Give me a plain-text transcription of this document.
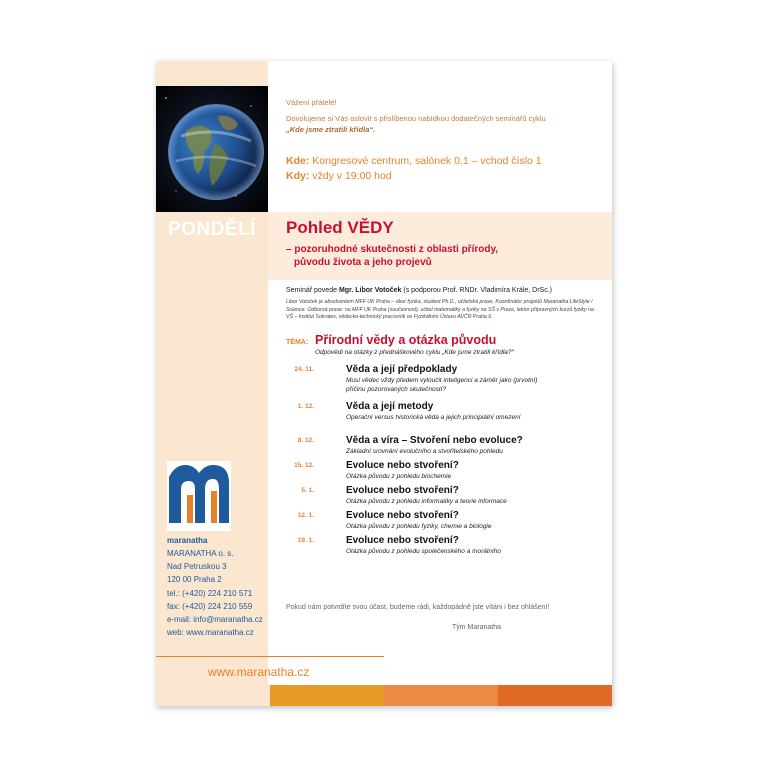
Vážení přátelé!
Dovolujeme si Vás oslovit s přislíbenou nabídkou dodatečných seminářů cyklu
„Kde jsme ztratili křídla“.
Kde: Kongresové centrum, salónek 0.1 – vchod číslo 1
Kdy: vždy v 19:00 hod
PONDĚLÍ Pohled VĚDY
– pozoruhodné skutečnosti z oblasti přírody,
původu života a jeho projevů
Seminář povede Mgr. Libor Votoček (s podporou Prof. RNDr. Vladimíra Krále, DrSc.)
Libor Votoček je absolventem MFF UK Praha – obor fyzika, student Ph.D., učitelská praxe, Koordinátor projektů Maranatha LifeStyle / Science. Odborná praxe: na MFF UK Praha (současnost), učitel matematiky a fyziky na SŠ v Praze, lektor přípravných kurzů fyziky na VŠ – Institut Sokrates, vědecko-technický pracovník ve Fyzikálním Ústavu AVČR Praha 6.
TÉMA: Přírodní vědy a otázka původu
Odpovědi na otázky z přednáškového cyklu „Kde jsme ztratili křídla?“
24. 11.	Věda a její předpoklady
Musí vědec vždy předem vyloučit inteligenci a záměr jako (prvotní) příčinu pozorovaných skutečností?
1. 12.	Věda a její metody
Operační versus historická věda a jejich principiální omezení
8. 12.	Věda a víra – Stvoření nebo evoluce?
Základní srovnání evolučního a stvořitelského pohledu
15. 12.	Evoluce nebo stvoření?
Otázka původu z pohledu biochemie
5. 1.	Evoluce nebo stvoření?
Otázka původu z pohledu informatiky a teorie informace
12. 1.	Evoluce nebo stvoření?
Otázka původu z pohledu fyziky, chemie a biologie
19. 1.	Evoluce nebo stvoření?
Otázka původu z pohledu společenského a morálního
maranatha
MARANATHA o. s.
Nad Petruskou 3
120 00 Praha 2
tel.: (+420) 224 210 571
fax: (+420) 224 210 559
e-mail: info@maranatha.cz
web: www.maranatha.cz
Pokud nám potvrdíte svou účast, budeme rádi, každopádně jste vítáni i bez ohlášení!
Tým Maranatha
www.maranatha.cz
